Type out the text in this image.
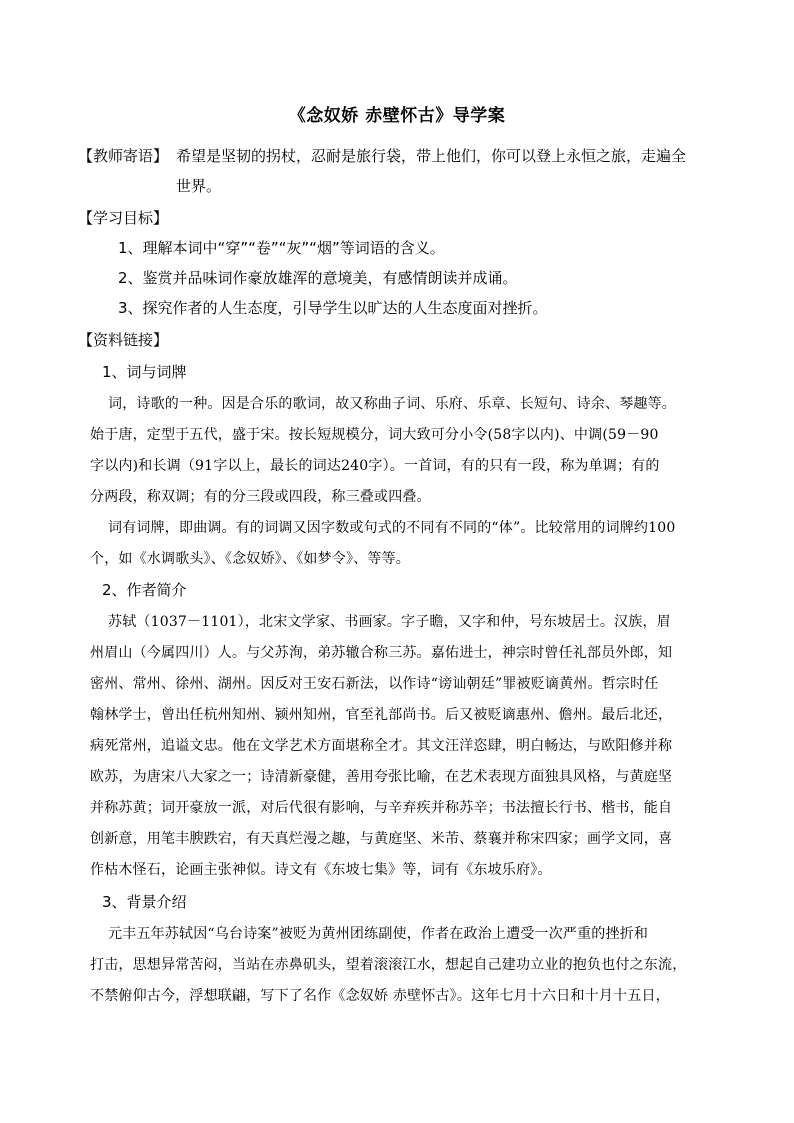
《念奴娇 赤壁怀古》导学案
【教师寄语】 希望是坚韧的拐杖，忍耐是旅行袋，带上他们，你可以登上永恒之旅，走遍全
世界。
【学习目标】
1、理解本词中“穿”“卷”“灰”“烟”等词语的含义。
2、鉴赏并品味词作豪放雄浑的意境美，有感情朗读并成诵。
3、探究作者的人生态度，引导学生以旷达的人生态度面对挫折。
【资料链接】
1、词与词牌
词，诗歌的一种。因是合乐的歌词，故又称曲子词、乐府、乐章、长短句、诗余、琴趣等。
始于唐，定型于五代，盛于宋。按长短规模分，词大致可分小令(58字以内)、中调(59－90
字以内)和长调（91字以上，最长的词达240字）。一首词，有的只有一段，称为单调；有的
分两段，称双调；有的分三段或四段，称三叠或四叠。
词有词牌，即曲调。有的词调又因字数或句式的不同有不同的“体”。比较常用的词牌约100
个，如《水调歌头》、《念奴娇》、《如梦令》、等等。
2、作者简介
苏轼（1037－1101），北宋文学家、书画家。字子瞻，又字和仲，号东坡居士。汉族，眉
州眉山（今属四川）人。与父苏洵，弟苏辙合称三苏。嘉佑进士，神宗时曾任礼部员外郎，知
密州、常州、徐州、湖州。因反对王安石新法，以作诗“谤讪朝廷”罪被贬谪黄州。哲宗时任
翰林学士，曾出任杭州知州、颍州知州，官至礼部尚书。后又被贬谪惠州、儋州。最后北还，
病死常州，追谥文忠。他在文学艺术方面堪称全才。其文汪洋恣肆，明白畅达，与欧阳修并称
欧苏，为唐宋八大家之一；诗清新豪健，善用夸张比喻，在艺术表现方面独具风格，与黄庭坚
并称苏黄；词开豪放一派，对后代很有影响，与辛弃疾并称苏辛；书法擅长行书、楷书，能自
创新意，用笔丰腴跌宕，有天真烂漫之趣，与黄庭坚、米芾、蔡襄并称宋四家；画学文同，喜
作枯木怪石，论画主张神似。诗文有《东坡七集》等，词有《东坡乐府》。
3、背景介绍
元丰五年苏轼因“乌台诗案”被贬为黄州团练副使，作者在政治上遭受一次严重的挫折和
打击，思想异常苦闷，当站在赤鼻矶头，望着滚滚江水，想起自己建功立业的抱负也付之东流，
不禁俯仰古今，浮想联翩，写下了名作《念奴娇 赤壁怀古》。这年七月十六日和十月十五日，
